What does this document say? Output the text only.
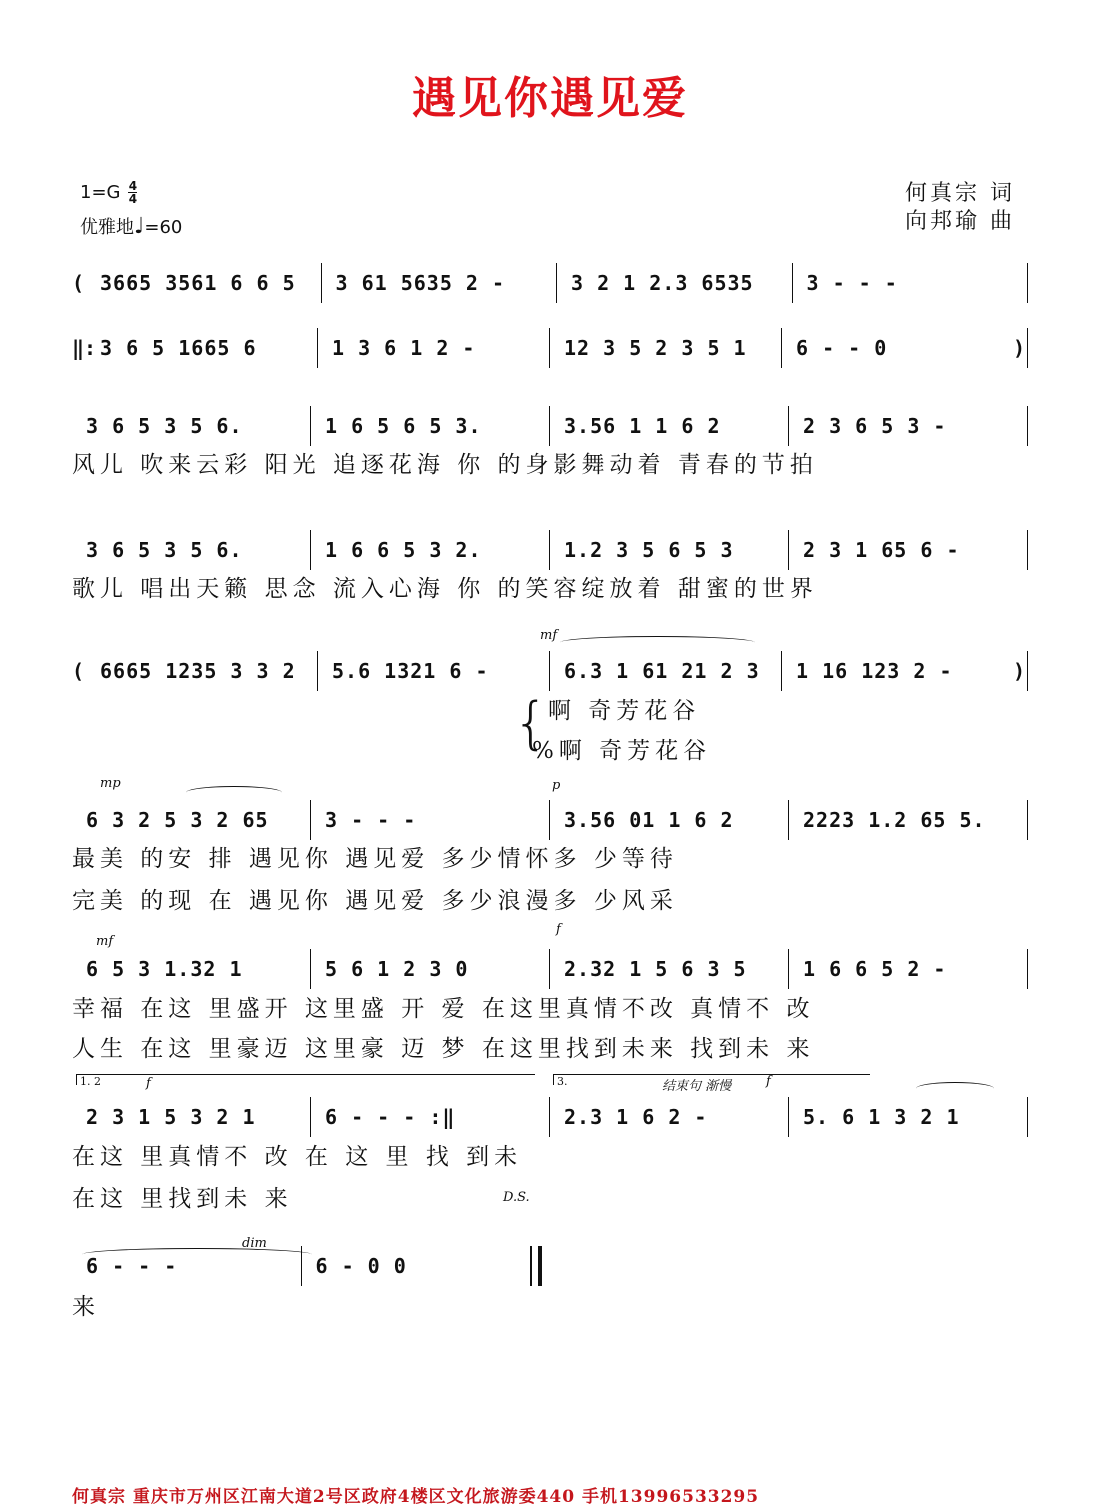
遇见你遇见爱
1=G 4
4
优雅地♩=60
何真宗 词
向邦瑜 曲
( 3665 3561 6 6 5	3 61 5635 2 -	3 2 1 2.3 6535	3 - - -
‖: 3 6 5 1665 6	1 3 6 1 2 -	12 3 5 2 3 5 1	6 - - 0	)
3 6 5 3 5 6.	1 6 5 6 5 3.	3.56 1 1 6 2	2 3 6 5 3 -
3 6 5 3 5 6.	1 6 6 5 3 2.	1.2 3 5 6 5 3	2 3 1 65 6 -
( 6665 1235 3 3 2	5.6 1321 6 -	6.3 1 61 21 2 3	1 16 123 2 -	)
6 3 2 5 3 2 65	3 - - -	3.56 01 1 6 2	2223 1.2 65 5.
6 5 3 1.32 1	5 6 1 2 3 0	2.32 1 5 6 3 5	1 6 6 5 2 -
2 3 1 5 3 2 1	6 - - - :‖	2.3 1 6 2 -	5. 6 1 3 2 1
6 - - -	6 - 0 0
风儿 吹来云彩 阳光 追逐花海 你 的身影舞动着 青春的节拍
歌儿 唱出天籁 思念 流入心海 你 的笑容绽放着 甜蜜的世界
{ 啊 奇芳花谷
%啊 奇芳花谷
最美 的安 排 遇见你 遇见爱 多少情怀多 少等待
完美 的现 在 遇见你 遇见爱 多少浪漫多 少风采
幸福 在这 里盛开 这里盛 开 爱 在这里真情不改 真情不 改
人生 在这 里豪迈 这里豪 迈 梦 在这里找到未来 找到未 来
在这 里真情不 改 在 这 里 找 到未
在这 里找到未 来
来
mf
mp	p
mf
f
1. 2	f	3.	结束句 渐慢	f
D.S.
dim
何真宗 重庆市万州区江南大道2号区政府4楼区文化旅游委440 手机13996533295
